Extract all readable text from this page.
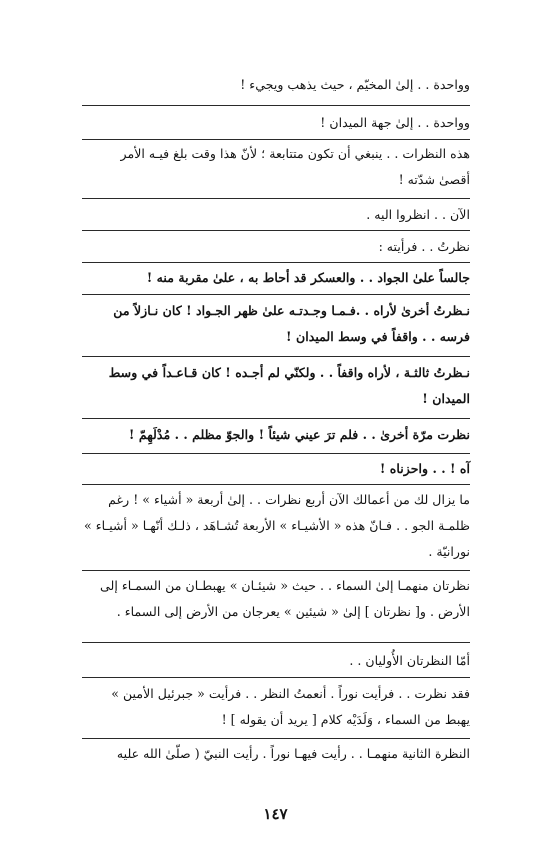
وواحدة . . إلىٰ المخيّم ، حيث يذهب ويجيء !
وواحدة . . إلىٰ جهة الميدان !
هذه النظرات . . ينبغي أن تكون متتابعة ؛ لأنّ هذا وقت بلغ فيـه الأمر
أقصىٰ شدّته !
الآن . . انظروا اليه .
نظرتُ . . فرأيته :
جالساً علىٰ الجواد . . والعسكر قد أحاط به ، علىٰ مقربة منه !
نـظرتُ أخرىٰ لأراه . .فـمـا وجـدتـه علىٰ ظهر الجـواد ! كان نـازلاً من
فرسه . . واقفاً في وسط الميدان !
نـظرتُ ثالثـة ، لأراه واقفاً . . ولكنّي لم أجـده ! كان قـاعـداً في وسط
الميدان !
نظرت مرّة أخرىٰ . . فلم ترَ عيني شيئاً ! والجوّ مظلم . . مُدْلَهِمّ !
آه ! . . واحزناه !
ما يزال لك من أعمالك الآن أربع نظرات . . إلىٰ أربعة « أشياء » ! رغم
ظلمـة الجو . . فـانّ هذه « الأشيـاء » الأربعة تُشـاهَد ، ذلـك أنّهـا « أشيـاء »
نورانيّة .
نظرتان منهمـا إلىٰ السماء . . حيث « شيئـان » يهبطـان من السمـاء إلى
الأرض . و[ نظرتان ] إلىٰ « شيئين » يعرجان من الأرض إلى السماء .
أمّا النظرتان الأُوليان . .
فقد نظرت . . فرأيت نوراً . أنعمتُ النظر . . فرأيت « جبرئيل الأمين »
يهبط من السماء ، وَلَدَيْه كلام [ يريد أن يقوله ] !
النظرة الثانية منهمـا . . رأيت فيهـا نوراً . رأيت النبيّ ( صلّىٰ الله عليه
١٤٧
